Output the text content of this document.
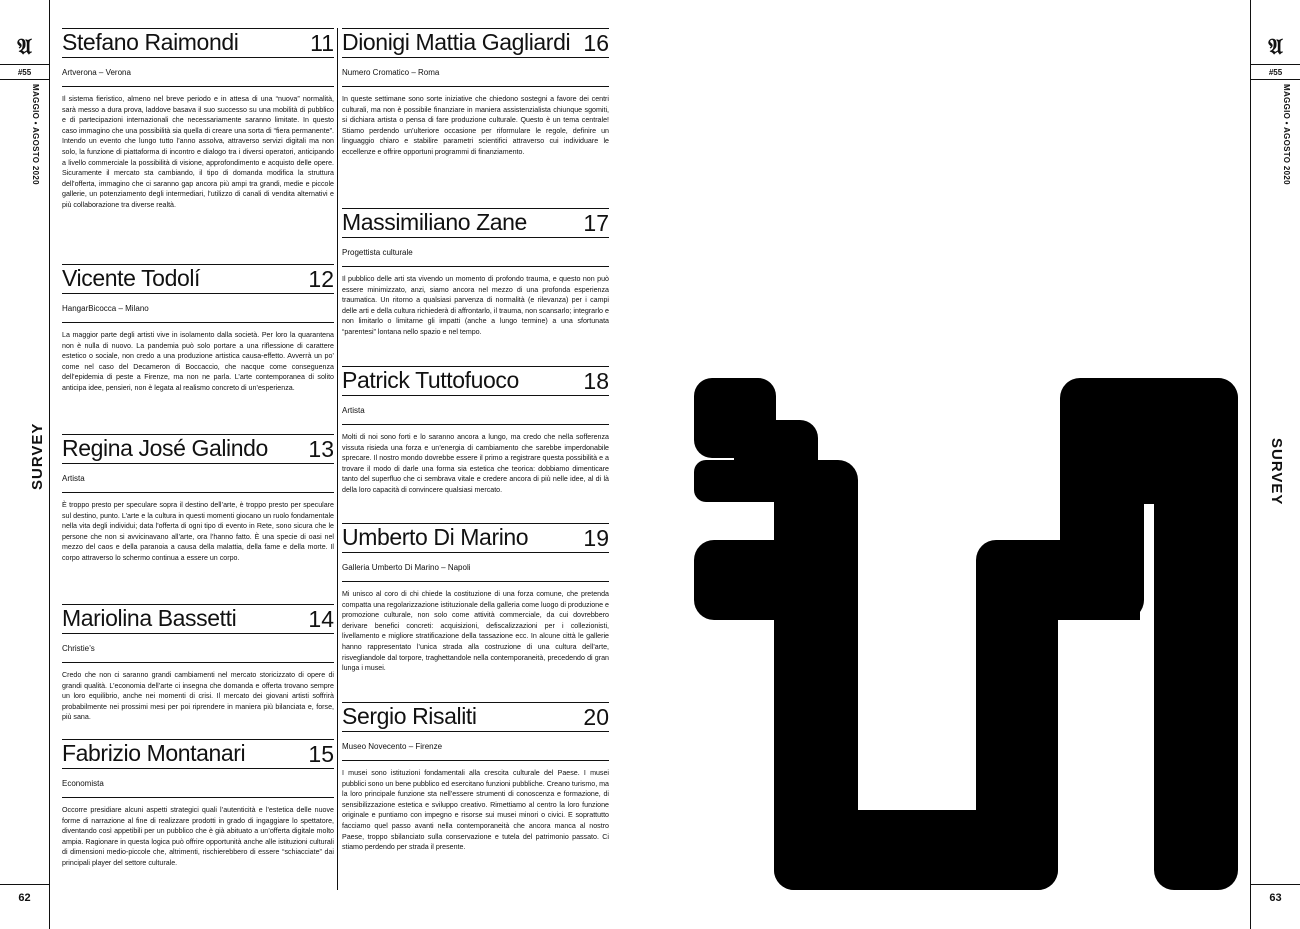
𝔄
#55
MAGGIO • AGOSTO 2020
SURVEY
62
𝔄
#55
MAGGIO • AGOSTO 2020
SURVEY
63
Stefano Raimondi	11
Artverona – Verona
Il sistema fieristico, almeno nel breve periodo e in attesa di una “nuova” normalità, sarà messo a dura prova, laddove basava il suo successo su una mobilità di pubblico e di partecipazioni internazionali che necessariamente saranno limitate. In questo caso immagino che una possibilità sia quella di creare una sorta di “fiera permanente”. Intendo un evento che lungo tutto l’anno assolva, attraverso servizi digitali ma non solo, la funzione di piattaforma di incontro e dialogo tra i diversi operatori, anticipando a livello commerciale la possibilità di visione, approfondimento e acquisto delle opere. Sicuramente il mercato sta cambiando, il tipo di domanda modifica la struttura dell’offerta, immagino che ci saranno gap ancora più ampi tra grandi, medie e piccole gallerie, un potenziamento degli intermediari, l’utilizzo di canali di vendita alternativi e più collaborazione tra diverse realtà.
Vicente Todolí	12
HangarBicocca – Milano
La maggior parte degli artisti vive in isolamento dalla società. Per loro la quarantena non è nulla di nuovo. La pandemia può solo portare a una riflessione di carattere estetico o sociale, non credo a una produzione artistica causa-effetto. Avverrà un po’ come nel caso del Decameron di Boccaccio, che nacque come conseguenza dell’epidemia di peste a Firenze, ma non ne parla. L’arte contemporanea di solito anticipa idee, pensieri, non è legata al realismo concreto di un’esperienza.
Regina José Galindo	13
Artista
È troppo presto per speculare sopra il destino dell’arte, è troppo presto per speculare sul destino, punto. L’arte e la cultura in questi momenti giocano un ruolo fondamentale nella vita degli individui; data l’offerta di ogni tipo di evento in Rete, sono sicura che le persone che non si avvicinavano all’arte, ora l’hanno fatto. È una specie di oasi nel mezzo del caos e della paranoia a causa della malattia, della fame e della morte. Il corpo attraverso lo schermo continua a essere un corpo.
Mariolina Bassetti	14
Christie’s
Credo che non ci saranno grandi cambiamenti nel mercato storicizzato di opere di grandi qualità. L’economia dell’arte ci insegna che domanda e offerta trovano sempre un loro equilibrio, anche nei momenti di crisi. Il mercato dei giovani artisti soffrirà probabilmente nei prossimi mesi per poi riprendere in maniera più bilanciata e, forse, più sana.
Fabrizio Montanari	15
Economista
Occorre presidiare alcuni aspetti strategici quali l’autenticità e l’estetica delle nuove forme di narrazione al fine di realizzare prodotti in grado di ingaggiare lo spettatore, diventando così appetibili per un pubblico che è già abituato a un’offerta digitale molto ampia. Ragionare in questa logica può offrire opportunità anche alle istituzioni culturali di dimensioni medio-piccole che, altrimenti, rischierebbero di essere “schiacciate” dai principali player del settore culturale.
Dionigi Mattia Gagliardi 16
Numero Cromatico – Roma
In queste settimane sono sorte iniziative che chiedono sostegni a favore dei centri culturali, ma non è possibile finanziare in maniera assistenzialista chiunque sgomiti, si dichiara artista o pensa di fare produzione culturale. Questo è un tema centrale! Stiamo perdendo un’ulteriore occasione per riformulare le regole, definire un linguaggio chiaro e stabilire parametri scientifici attraverso cui individuare le eccellenze e offrire opportuni programmi di finanziamento.
Massimiliano Zane	17
Progettista culturale
Il pubblico delle arti sta vivendo un momento di profondo trauma, e questo non può essere minimizzato, anzi, siamo ancora nel mezzo di una profonda esperienza traumatica. Un ritorno a qualsiasi parvenza di normalità (e rilevanza) per i campi delle arti e della cultura richiederà di affrontarlo, il trauma, non scansarlo; integrarlo e non limitarlo o limitarne gli impatti (anche a lungo termine) a una sfortunata “parentesi” lontana nello spazio e nel tempo.
Patrick Tuttofuoco	18
Artista
Molti di noi sono forti e lo saranno ancora a lungo, ma credo che nella sofferenza vissuta risieda una forza e un’energia di cambiamento che sarebbe imperdonabile sprecare. Il nostro mondo dovrebbe essere il primo a registrare questa possibilità e a trovare il modo di darle una forma sia estetica che teorica: dobbiamo dimenticare tanto del superfluo che ci sembrava vitale e credere ancora di più nelle idee, al di là della loro capacità di convincere qualsiasi mercato.
Umberto Di Marino	19
Galleria Umberto Di Marino – Napoli
Mi unisco al coro di chi chiede la costituzione di una forza comune, che pretenda compatta una regolarizzazione istituzionale della galleria come luogo di produzione e promozione culturale, non solo come attività commerciale, da cui dovrebbero derivare benefici concreti: acquisizioni, defiscalizzazioni per i collezionisti, livellamento e migliore stratificazione della tassazione ecc. In alcune città le gallerie hanno rappresentato l’unica strada alla costruzione di una cultura dell’arte, risvegliandole dal torpore, traghettandole nella contemporaneità, precedendo di gran lunga i musei.
Sergio Risaliti	20
Museo Novecento – Firenze
I musei sono istituzioni fondamentali alla crescita culturale del Paese. I musei pubblici sono un bene pubblico ed esercitano funzioni pubbliche. Creano turismo, ma la loro principale funzione sta nell’essere strumenti di conoscenza e formazione, di sensibilizzazione estetica e sviluppo creativo. Rimettiamo al centro la loro funzione originale e puntiamo con impegno e risorse sui musei minori o civici. E soprattutto facciamo quel passo avanti nella contemporaneità che ancora manca al nostro Paese, troppo sbilanciato sulla conservazione e tutela del patrimonio passato. Ci stiamo perdendo per strada il presente.
